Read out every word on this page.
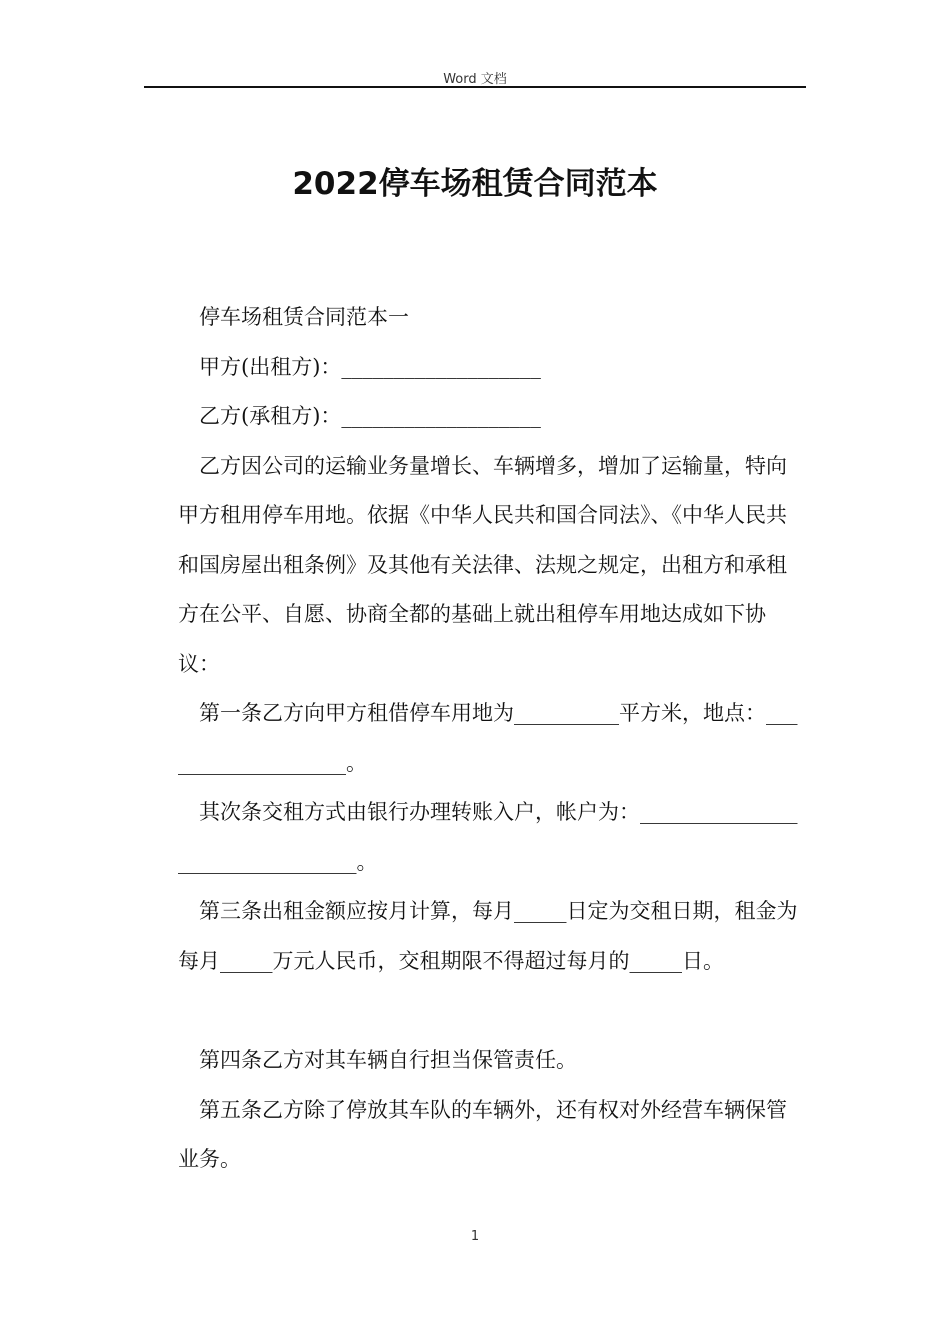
Word 文档
2022停车场租赁合同范本

停车场租赁合同范本一

甲方(出租方)：___________________

乙方(承租方)：___________________

乙方因公司的运输业务量增长、车辆增多，增加了运输量，特向甲方租用停车用地。依据《中华人民共和国合同法》、《中华人民共和国房屋出租条例》及其他有关法律、法规之规定，出租方和承租方在公平、自愿、协商全都的基础上就出租停车用地达成如下协议：

第一条乙方向甲方租借停车用地为__________平方米，地点：___________________。

其次条交租方式由银行办理转账入户，帐户为：________________________________。

第三条出租金额应按月计算，每月_____日定为交租日期，租金为每月_____万元人民币，交租期限不得超过每月的_____日。

第四条乙方对其车辆自行担当保管责任。

第五条乙方除了停放其车队的车辆外，还有权对外经营车辆保管业务。

1
